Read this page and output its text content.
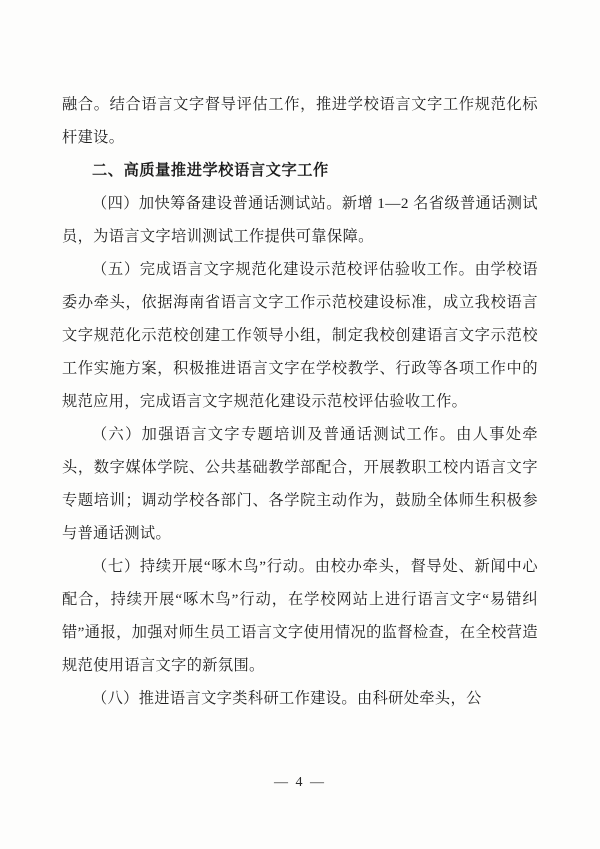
融合。结合语言文字督导评估工作，推进学校语言文字工作规范化标杆建设。

二、高质量推进学校语言文字工作

（四）加快筹备建设普通话测试站。新增 1—2 名省级普通话测试员，为语言文字培训测试工作提供可靠保障。

（五）完成语言文字规范化建设示范校评估验收工作。由学校语委办牵头，依据海南省语言文字工作示范校建设标准，成立我校语言文字规范化示范校创建工作领导小组，制定我校创建语言文字示范校工作实施方案，积极推进语言文字在学校教学、行政等各项工作中的规范应用，完成语言文字规范化建设示范校评估验收工作。

（六）加强语言文字专题培训及普通话测试工作。由人事处牵头，数字媒体学院、公共基础教学部配合，开展教职工校内语言文字专题培训；调动学校各部门、各学院主动作为，鼓励全体师生积极参与普通话测试。

（七）持续开展“啄木鸟”行动。由校办牵头，督导处、新闻中心配合，持续开展“啄木鸟”行动，在学校网站上进行语言文字“易错纠错”通报，加强对师生员工语言文字使用情况的监督检查，在全校营造规范使用语言文字的新氛围。

（八）推进语言文字类科研工作建设。由科研处牵头，公

— 4 —
